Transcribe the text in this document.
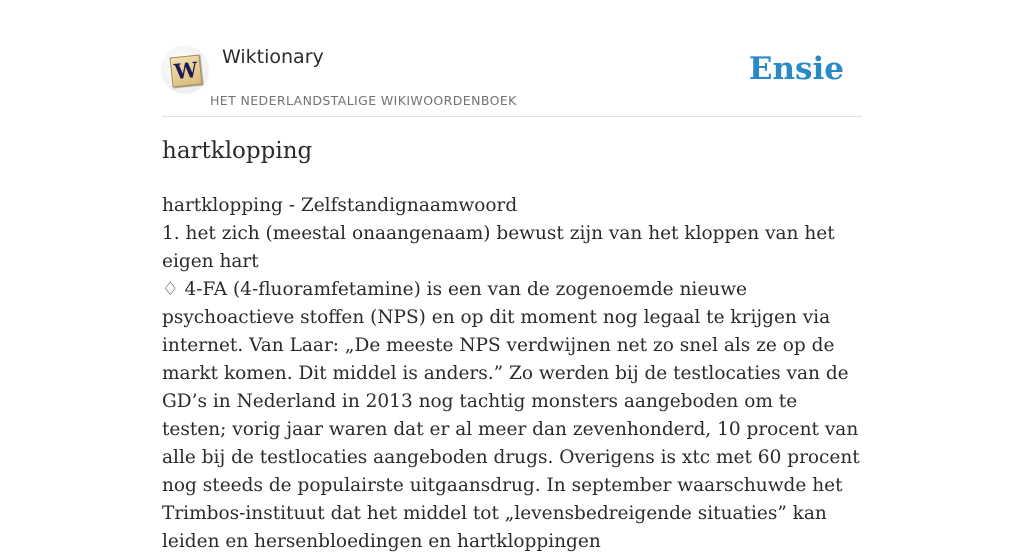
W Wiktionary
HET NEDERLANDSTALIGE WIKIWOORDENBOEK
Ensie
hartklopping

hartklopping - Zelfstandignaamwoord

1. het zich (meestal onaangenaam) bewust zijn van het kloppen van het eigen hart

♢ 4-FA (4-fluoramfetamine) is een van de zogenoemde nieuwe psychoactieve stoffen (NPS) en op dit moment nog legaal te krijgen via internet. Van Laar: „De meeste NPS verdwijnen net zo snel als ze op de markt komen. Dit middel is anders.” Zo werden bij de testlocaties van de GD’s in Nederland in 2013 nog tachtig monsters aangeboden om te testen; vorig jaar waren dat er al meer dan zevenhonderd, 10 procent van alle bij de testlocaties aangeboden drugs. Overigens is xtc met 60 procent nog steeds de populairste uitgaansdrug. In september waarschuwde het Trimbos-instituut dat het middel tot „levensbedreigende situaties” kan leiden en hersenbloedingen en hartkloppingen
